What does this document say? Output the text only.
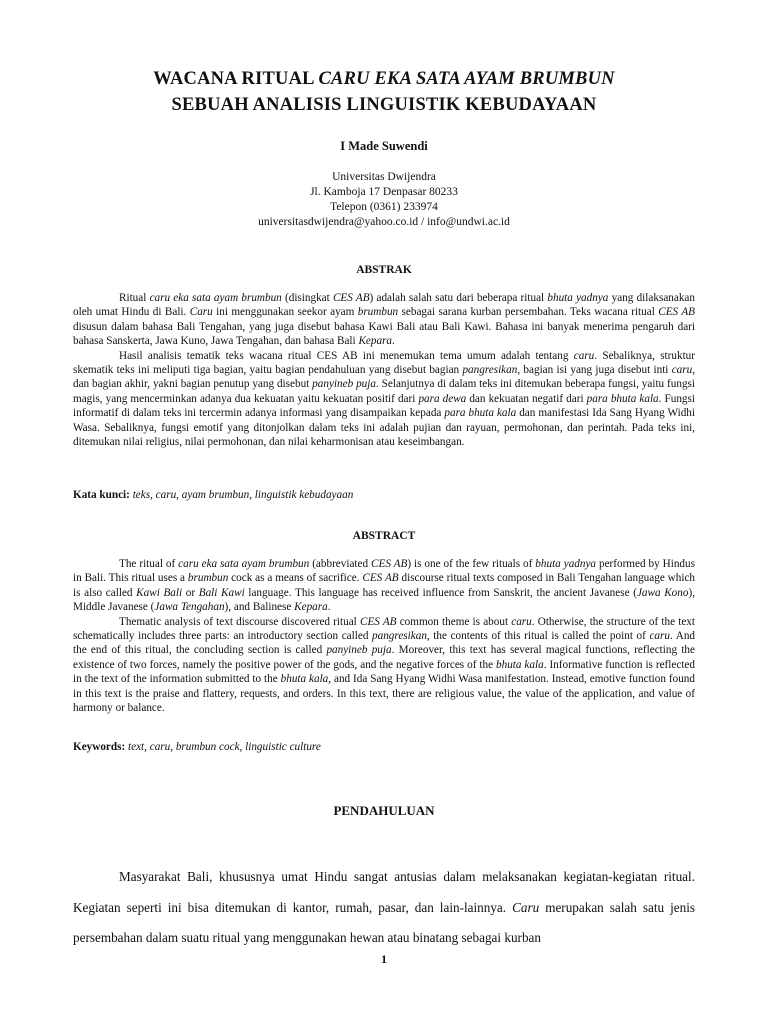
WACANA RITUAL CARU EKA SATA AYAM BRUMBUN
SEBUAH ANALISIS LINGUISTIK KEBUDAYAAN
I Made Suwendi
Universitas Dwijendra
Jl. Kamboja 17 Denpasar 80233
Telepon (0361) 233974
universitasdwijendra@yahoo.co.id / info@undwi.ac.id
ABSTRAK

Ritual caru eka sata ayam brumbun (disingkat CES AB) adalah salah satu dari beberapa ritual bhuta yadnya yang dilaksanakan oleh umat Hindu di Bali. Caru ini menggunakan seekor ayam brumbun sebagai sarana kurban persembahan. Teks wacana ritual CES AB disusun dalam bahasa Bali Tengahan, yang juga disebut bahasa Kawi Bali atau Bali Kawi. Bahasa ini banyak menerima pengaruh dari bahasa Sanskerta, Jawa Kuno, Jawa Tengahan, dan bahasa Bali Kepara.

Hasil analisis tematik teks wacana ritual CES AB ini menemukan tema umum adalah tentang caru. Sebaliknya, struktur skematik teks ini meliputi tiga bagian, yaitu bagian pendahuluan yang disebut bagian pangresikan, bagian isi yang juga disebut inti caru, dan bagian akhir, yakni bagian penutup yang disebut panyineb puja. Selanjutnya di dalam teks ini ditemukan beberapa fungsi, yaitu fungsi magis, yang mencerminkan adanya dua kekuatan yaitu kekuatan positif dari para dewa dan kekuatan negatif dari para bhuta kala. Fungsi informatif di dalam teks ini tercermin adanya informasi yang disampaikan kepada para bhuta kala dan manifestasi Ida Sang Hyang Widhi Wasa. Sebaliknya, fungsi emotif yang ditonjolkan dalam teks ini adalah pujian dan rayuan, permohonan, dan perintah. Pada teks ini, ditemukan nilai religius, nilai permohonan, dan nilai keharmonisan atau keseimbangan.

Kata kunci: teks, caru, ayam brumbun, linguistik kebudayaan
ABSTRACT

The ritual of caru eka sata ayam brumbun (abbreviated CES AB) is one of the few rituals of bhuta yadnya performed by Hindus in Bali. This ritual uses a brumbun cock as a means of sacrifice. CES AB discourse ritual texts composed in Bali Tengahan language which is also called Kawi Bali or Bali Kawi language. This language has received influence from Sanskrit, the ancient Javanese (Jawa Kono), Middle Javanese (Jawa Tengahan), and Balinese Kepara.

Thematic analysis of text discourse discovered ritual CES AB common theme is about caru. Otherwise, the structure of the text schematically includes three parts: an introductory section called pangresikan, the contents of this ritual is called the point of caru. And the end of this ritual, the concluding section is called panyineb puja. Moreover, this text has several magical functions, reflecting the existence of two forces, namely the positive power of the gods, and the negative forces of the bhuta kala. Informative function is reflected in the text of the information submitted to the bhuta kala, and Ida Sang Hyang Widhi Wasa manifestation. Instead, emotive function found in this text is the praise and flattery, requests, and orders. In this text, there are religious value, the value of the application, and value of harmony or balance.

Keywords: text, caru, brumbun cock, linguistic culture
PENDAHULUAN

Masyarakat Bali, khususnya umat Hindu sangat antusias dalam melaksanakan kegiatan-kegiatan ritual. Kegiatan seperti ini bisa ditemukan di kantor, rumah, pasar, dan lain-lainnya. Caru merupakan salah satu jenis persembahan dalam suatu ritual yang menggunakan hewan atau binatang sebagai kurban

1
